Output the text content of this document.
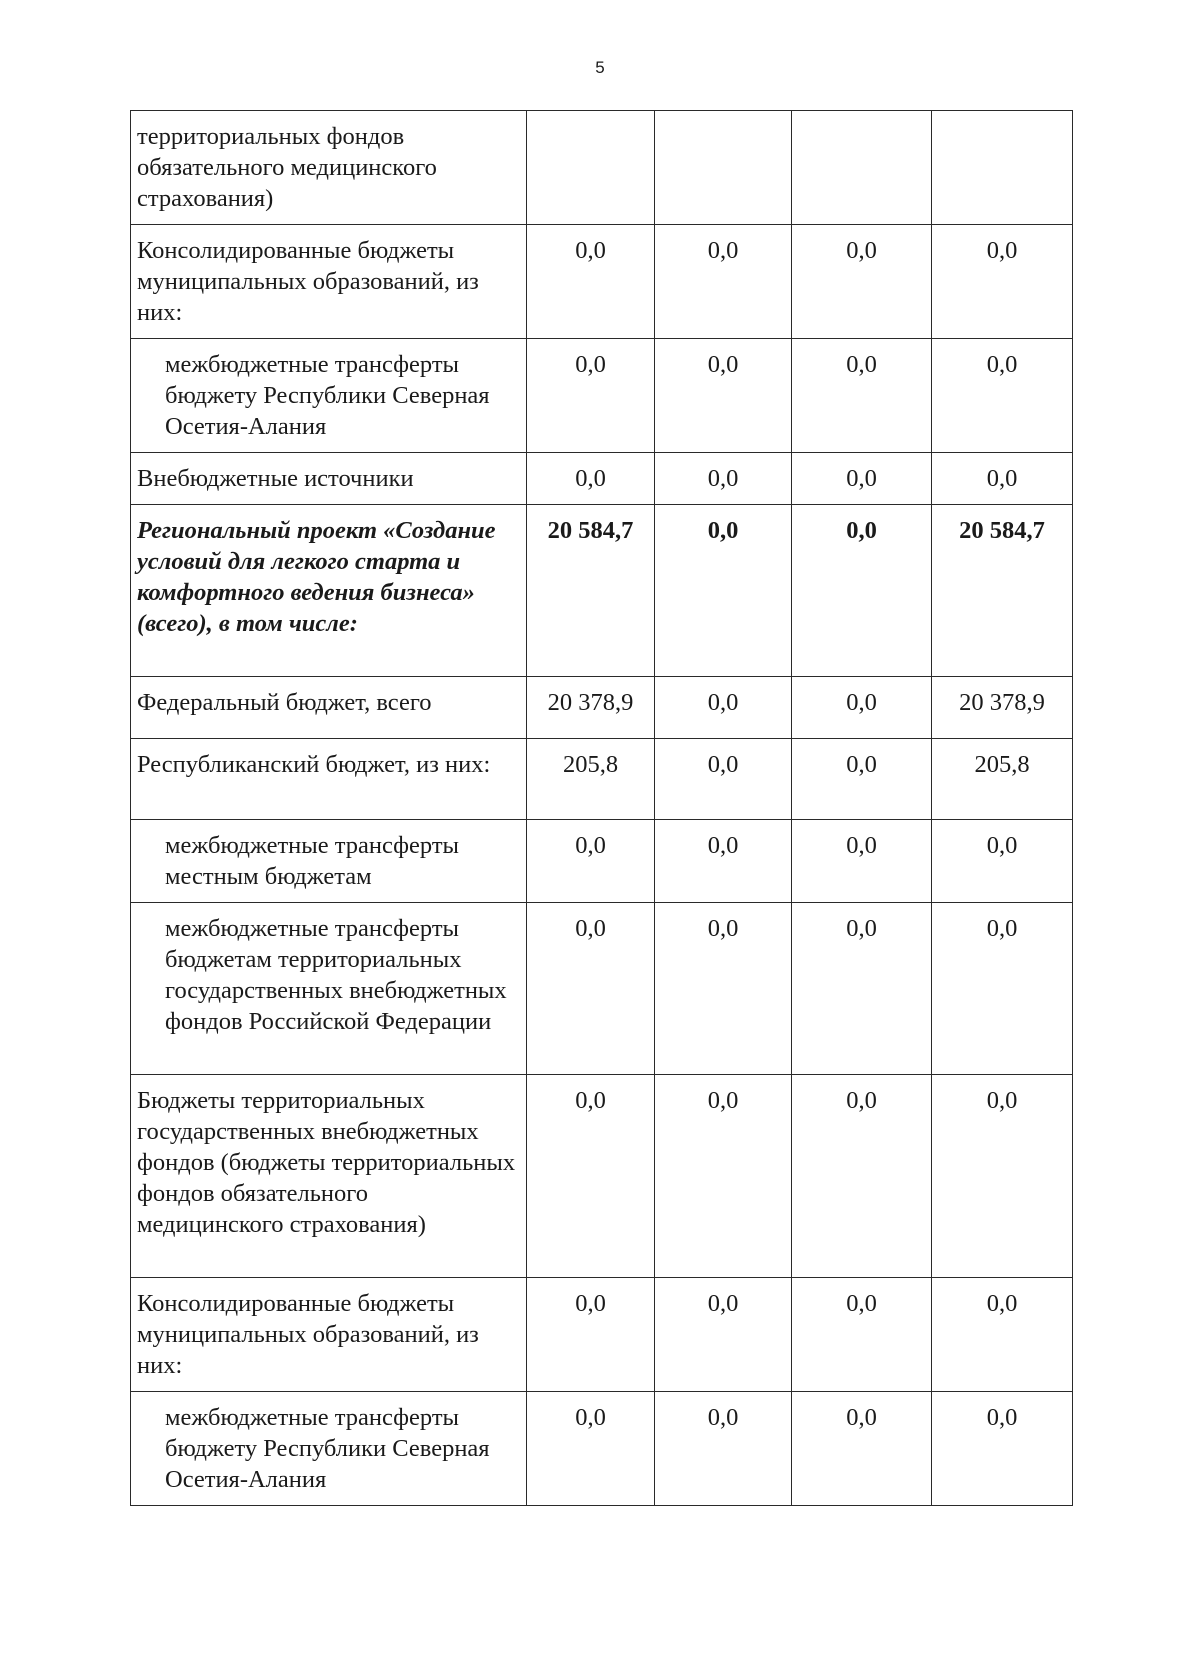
5
территориальных фондов обязательного медицинского страхования)				
Консолидированные бюджеты муниципальных образований, из них:	0,0	0,0	0,0	0,0
межбюджетные трансферты бюджету Республики Северная Осетия-Алания	0,0	0,0	0,0	0,0
Внебюджетные источники	0,0	0,0	0,0	0,0
Региональный проект «Создание условий для легкого старта и комфортного ведения бизнеса» (всего), в том числе:	20 584,7	0,0	0,0	20 584,7
Федеральный бюджет, всего	20 378,9	0,0	0,0	20 378,9
Республиканский бюджет, из них:	205,8	0,0	0,0	205,8
межбюджетные трансферты местным бюджетам	0,0	0,0	0,0	0,0
межбюджетные трансферты бюджетам территориальных государственных внебюджетных фондов Российской Федерации	0,0	0,0	0,0	0,0
Бюджеты территориальных государственных внебюджетных фондов (бюджеты территориальных фондов обязательного медицинского страхования)	0,0	0,0	0,0	0,0
Консолидированные бюджеты муниципальных образований, из них:	0,0	0,0	0,0	0,0
межбюджетные трансферты бюджету Республики Северная Осетия-Алания	0,0	0,0	0,0	0,0
